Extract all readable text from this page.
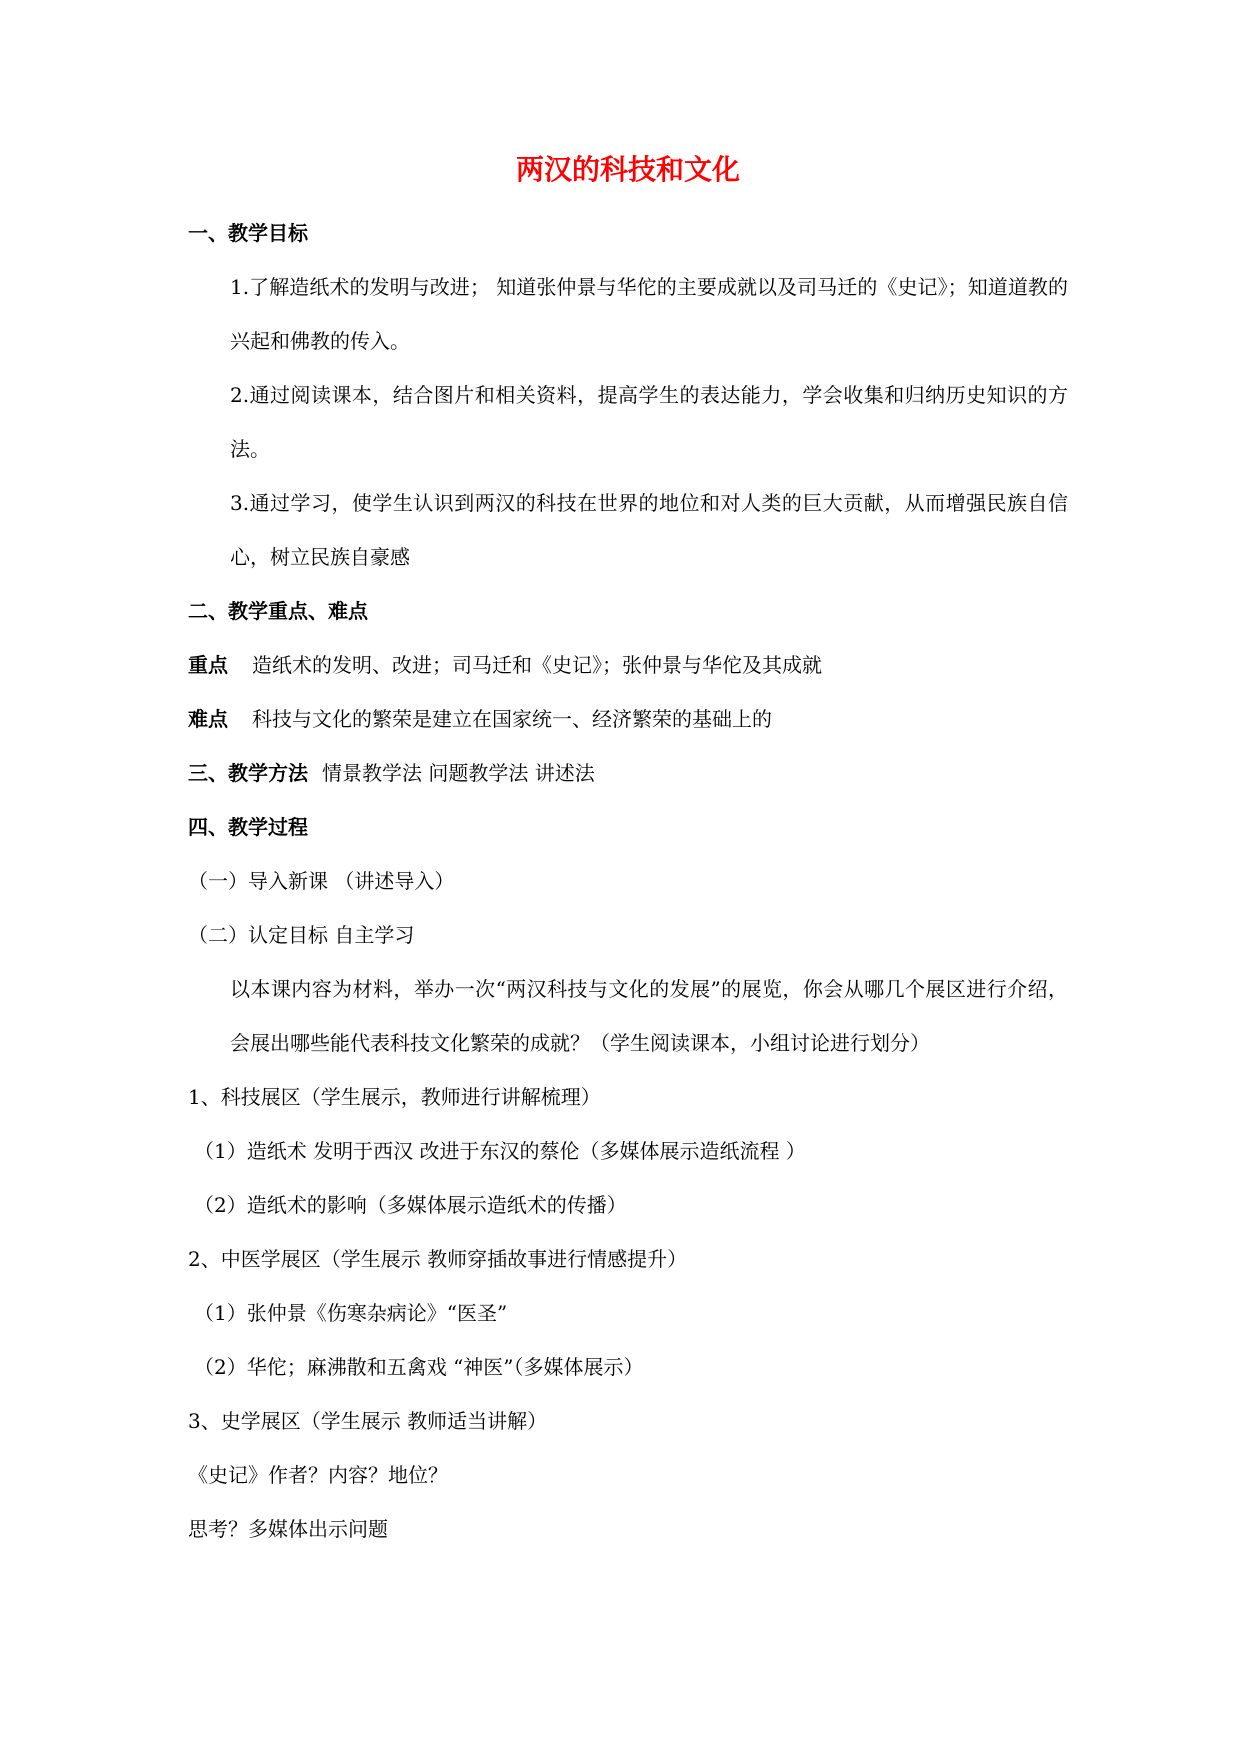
两汉的科技和文化

一、教学目标

1.了解造纸术的发明与改进； 知道张仲景与华佗的主要成就以及司马迁的《史记》；知道道教的兴起和佛教的传入。

2.通过阅读课本，结合图片和相关资料，提高学生的表达能力，学会收集和归纳历史知识的方法。

3.通过学习，使学生认识到两汉的科技在世界的地位和对人类的巨大贡献，从而增强民族自信心，树立民族自豪感

二、教学重点、难点

重点 造纸术的发明、改进；司马迁和《史记》；张仲景与华佗及其成就

难点 科技与文化的繁荣是建立在国家统一、经济繁荣的基础上的

三、教学方法 情景教学法 问题教学法 讲述法

四、教学过程

（一）导入新课 （讲述导入）

（二）认定目标 自主学习

以本课内容为材料，举办一次“两汉科技与文化的发展”的展览，你会从哪几个展区进行介绍，会展出哪些能代表科技文化繁荣的成就？（学生阅读课本，小组讨论进行划分）

1、科技展区（学生展示，教师进行讲解梳理）

（1）造纸术 发明于西汉 改进于东汉的蔡伦（多媒体展示造纸流程 ）

（2）造纸术的影响（多媒体展示造纸术的传播）

2、中医学展区（学生展示 教师穿插故事进行情感提升）

（1）张仲景《伤寒杂病论》“医圣”

（2）华佗；麻沸散和五禽戏 “神医”（多媒体展示）

3、史学展区（学生展示 教师适当讲解）

《史记》作者？内容？地位？

思考？多媒体出示问题
